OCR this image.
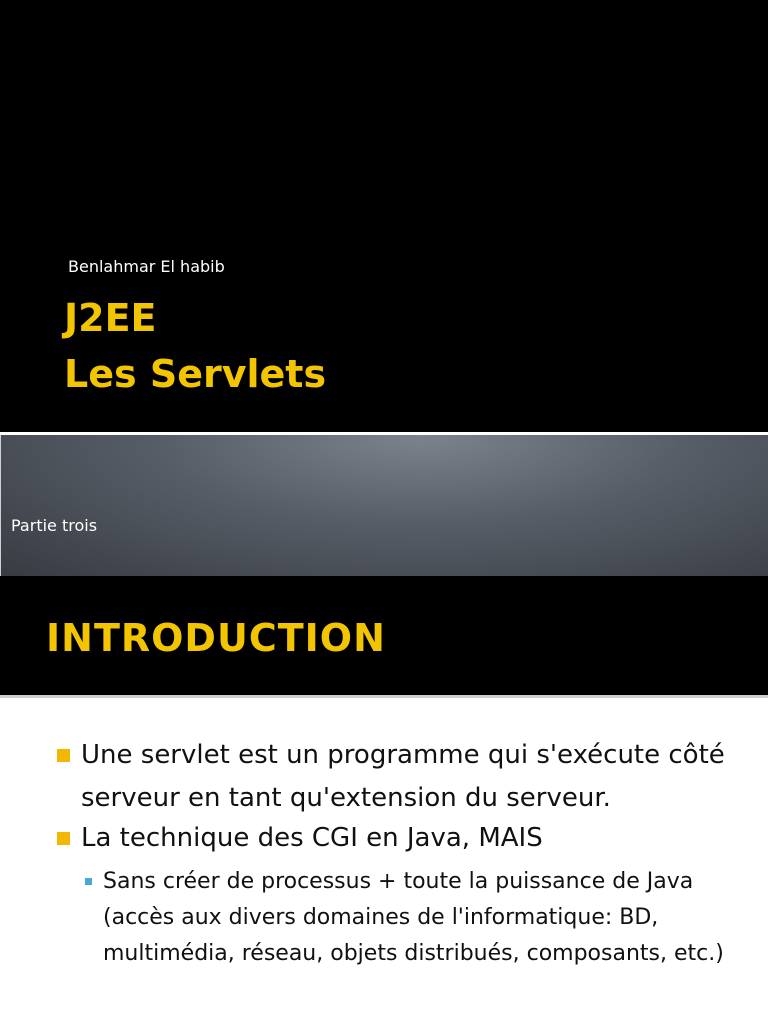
Benlahmar El habib
J2EE
Les Servlets
Partie trois
INTRODUCTION
Une servlet est un programme qui s'exécute côté serveur en tant qu'extension du serveur.
La technique des CGI en Java, MAIS
Sans créer de processus + toute la puissance de Java (accès aux divers domaines de l'informatique: BD, multimédia, réseau, objets distribués, composants, etc.)
